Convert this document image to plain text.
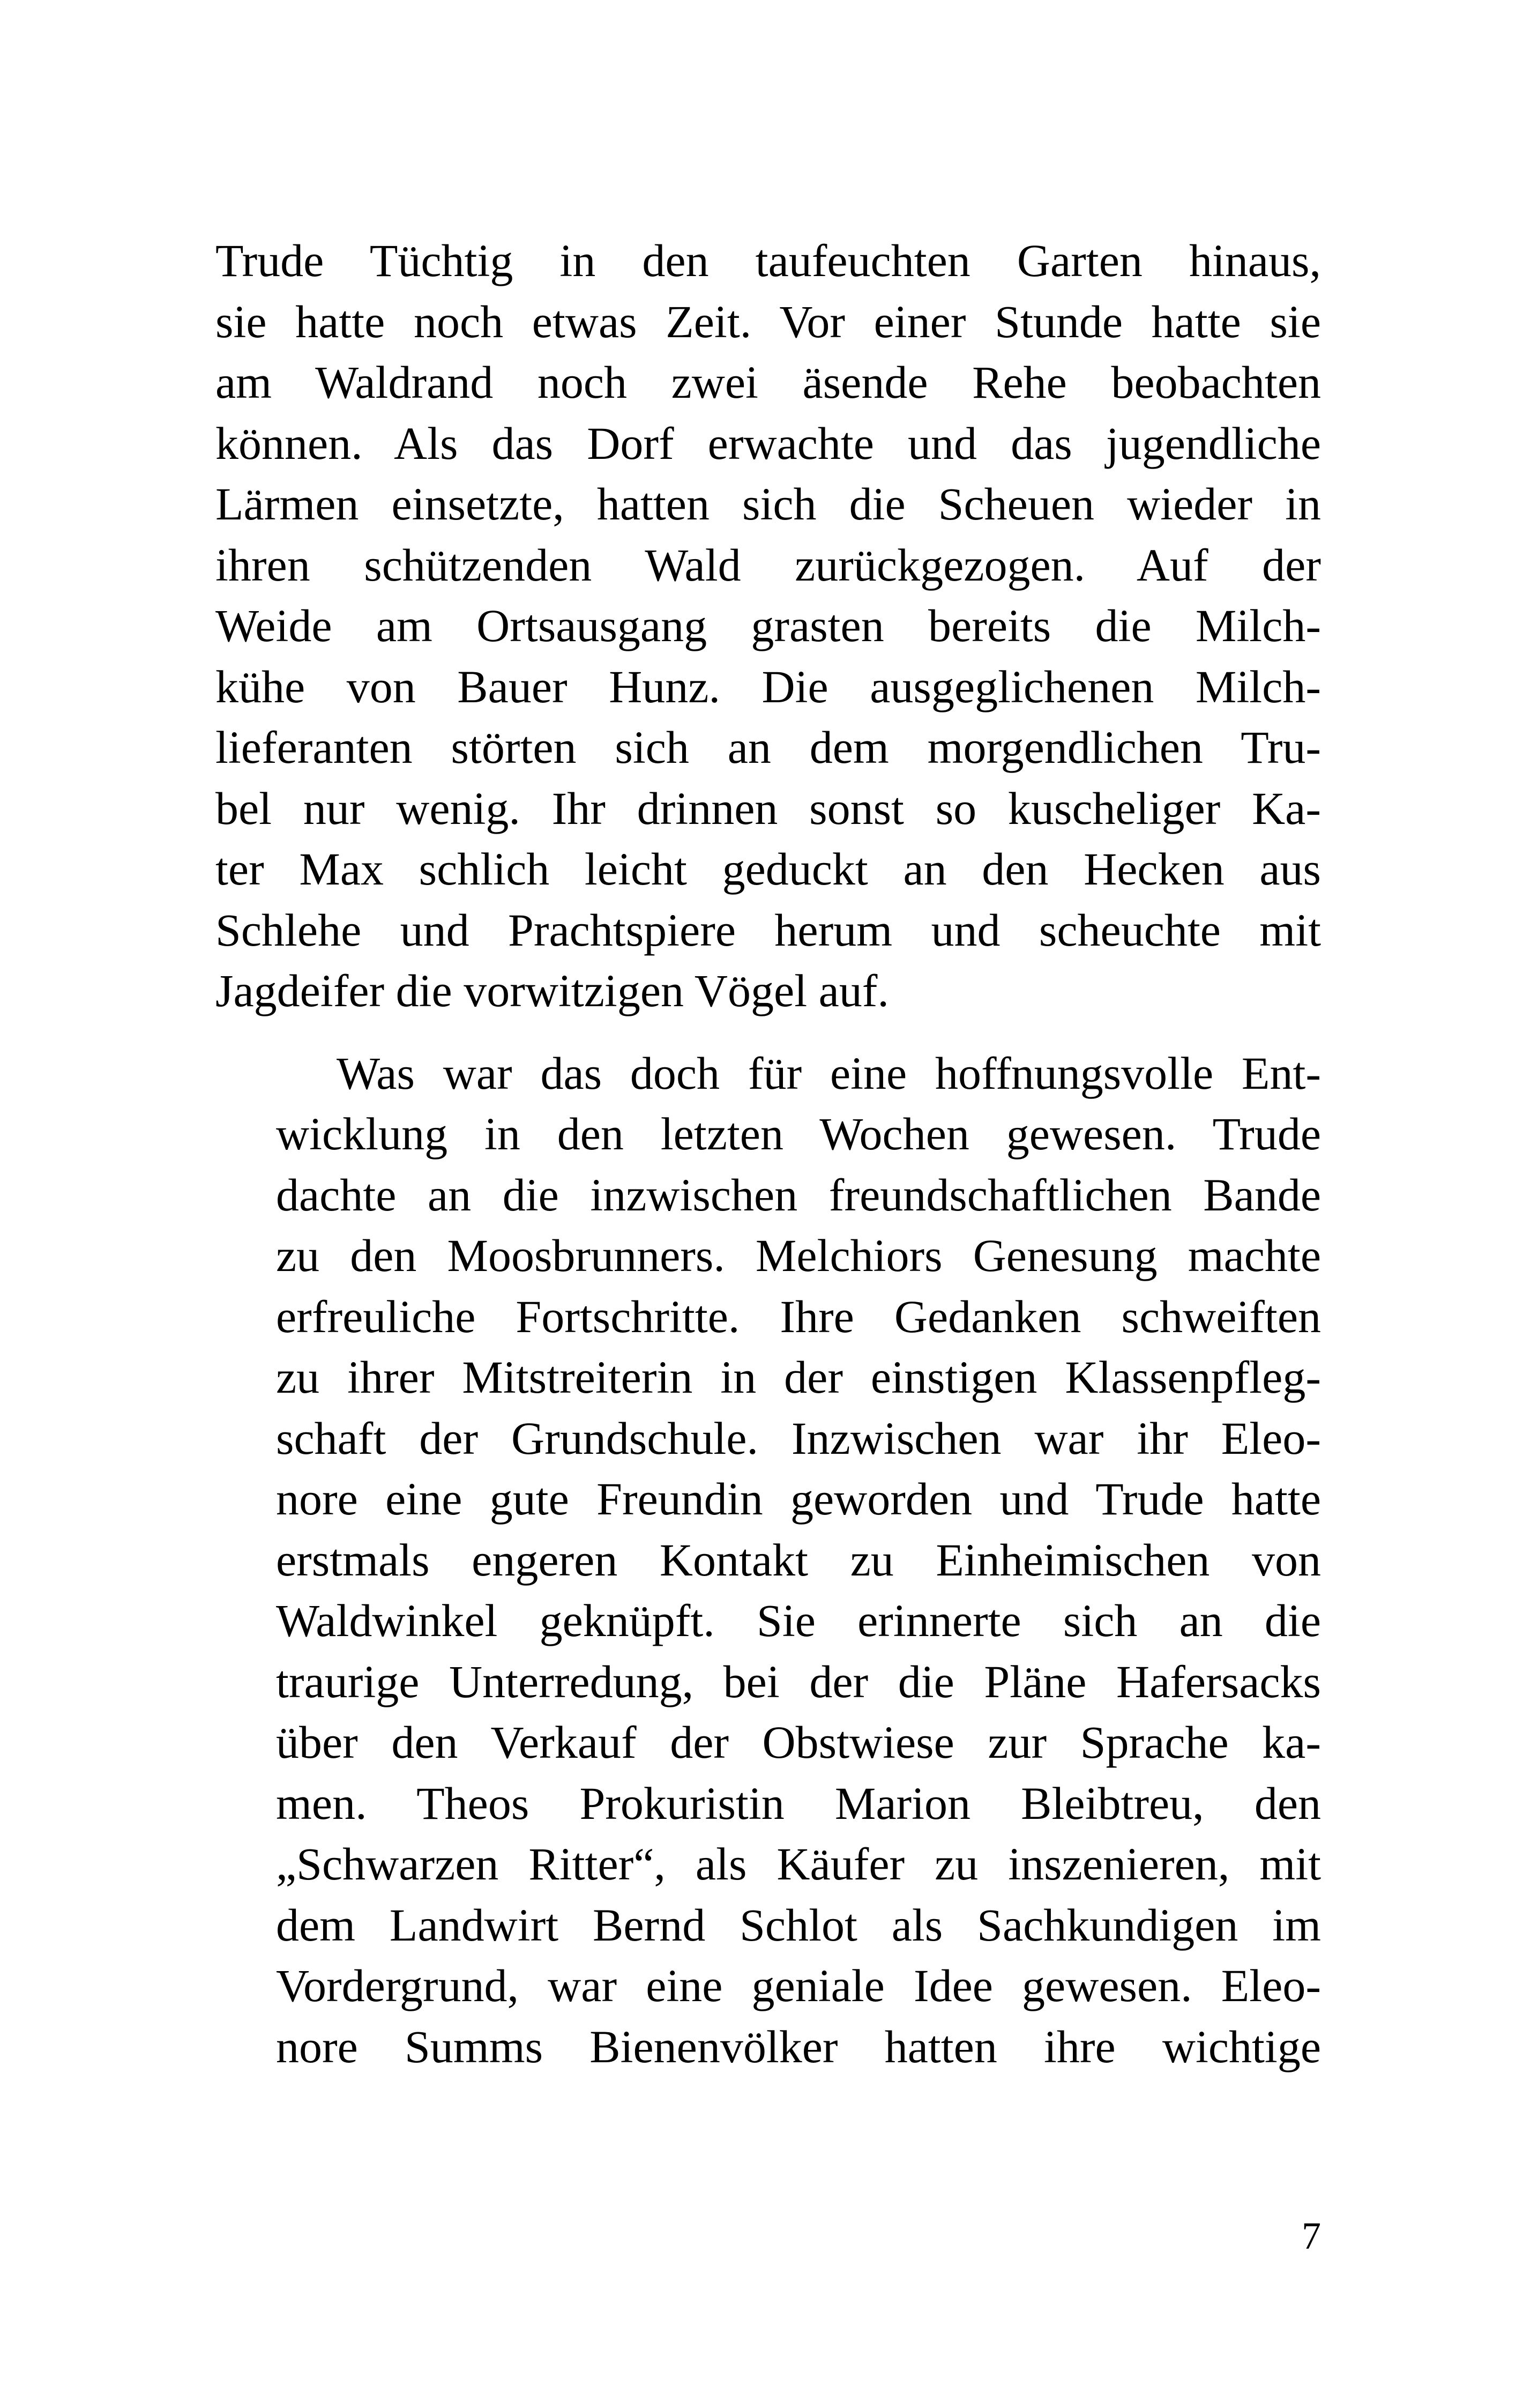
Trude Tüchtig in den taufeuchten Garten hinaus,
sie hatte noch etwas Zeit. Vor einer Stunde hatte sie
am Waldrand noch zwei äsende Rehe beobachten
können. Als das Dorf erwachte und das jugendliche
Lärmen einsetzte, hatten sich die Scheuen wieder in
ihren schützenden Wald zurückgezogen. Auf der
Weide am Ortsausgang grasten bereits die Milch-
kühe von Bauer Hunz. Die ausgeglichenen Milch-
lieferanten störten sich an dem morgendlichen Tru-
bel nur wenig. Ihr drinnen sonst so kuscheliger Ka-
ter Max schlich leicht geduckt an den Hecken aus
Schlehe und Prachtspiere herum und scheuchte mit
Jagdeifer die vorwitzigen Vögel auf.

Was war das doch für eine hoffnungsvolle Ent-
wicklung in den letzten Wochen gewesen. Trude
dachte an die inzwischen freundschaftlichen Bande
zu den Moosbrunners. Melchiors Genesung machte
erfreuliche Fortschritte. Ihre Gedanken schweiften
zu ihrer Mitstreiterin in der einstigen Klassenpfleg-
schaft der Grundschule. Inzwischen war ihr Eleo-
nore eine gute Freundin geworden und Trude hatte
erstmals engeren Kontakt zu Einheimischen von
Waldwinkel geknüpft. Sie erinnerte sich an die
traurige Unterredung, bei der die Pläne Hafersacks
über den Verkauf der Obstwiese zur Sprache ka-
men. Theos Prokuristin Marion Bleibtreu, den
„Schwarzen Ritter“, als Käufer zu inszenieren, mit
dem Landwirt Bernd Schlot als Sachkundigen im
Vordergrund, war eine geniale Idee gewesen. Eleo-
nore Summs Bienenvölker hatten ihre wichtige

7
